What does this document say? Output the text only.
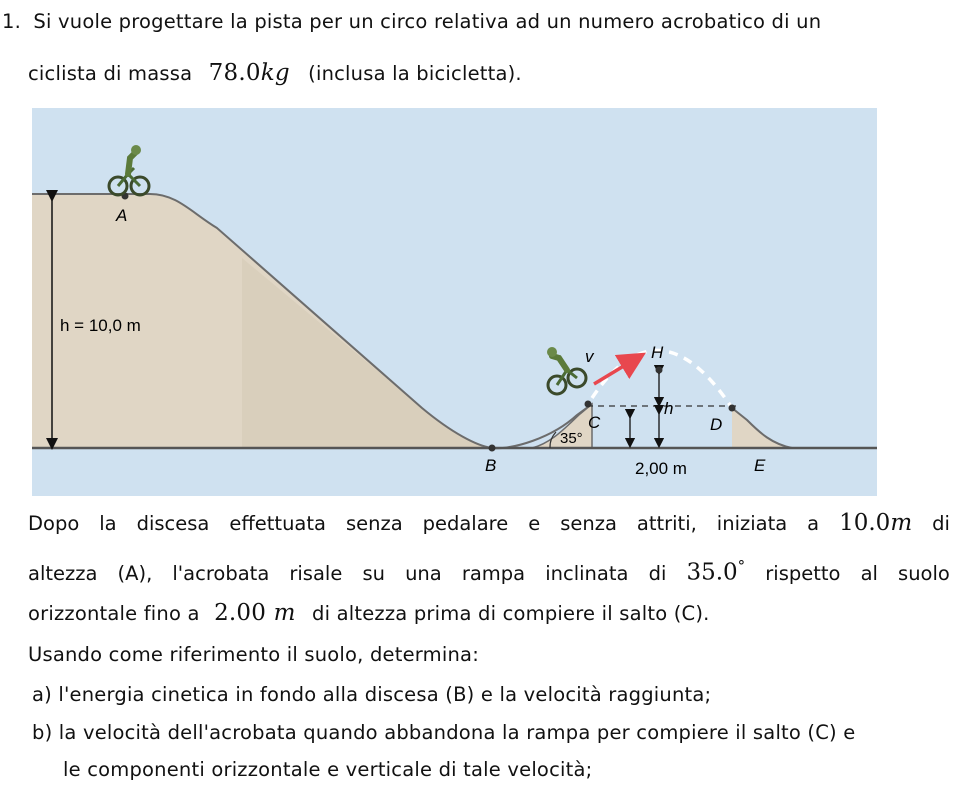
1. Si vuole progettare la pista per un circo relativa ad un numero acrobatico di un
ciclista di massa 78.0kg (inclusa la bicicletta).
A
h = 10,0 m
v	H
C
h
D
35°
B	2,00 m	E
Dopo la discesa effettuata senza pedalare e senza attriti, iniziata a 10.0m di
altezza (A), l'acrobata risale su una rampa inclinata di 35.0° rispetto al suolo
orizzontale fino a 2.00 m di altezza prima di compiere il salto (C).
Usando come riferimento il suolo, determina:
a) l'energia cinetica in fondo alla discesa (B) e la velocità raggiunta;
b) la velocità dell'acrobata quando abbandona la rampa per compiere il salto (C) e
le componenti orizzontale e verticale di tale velocità;
